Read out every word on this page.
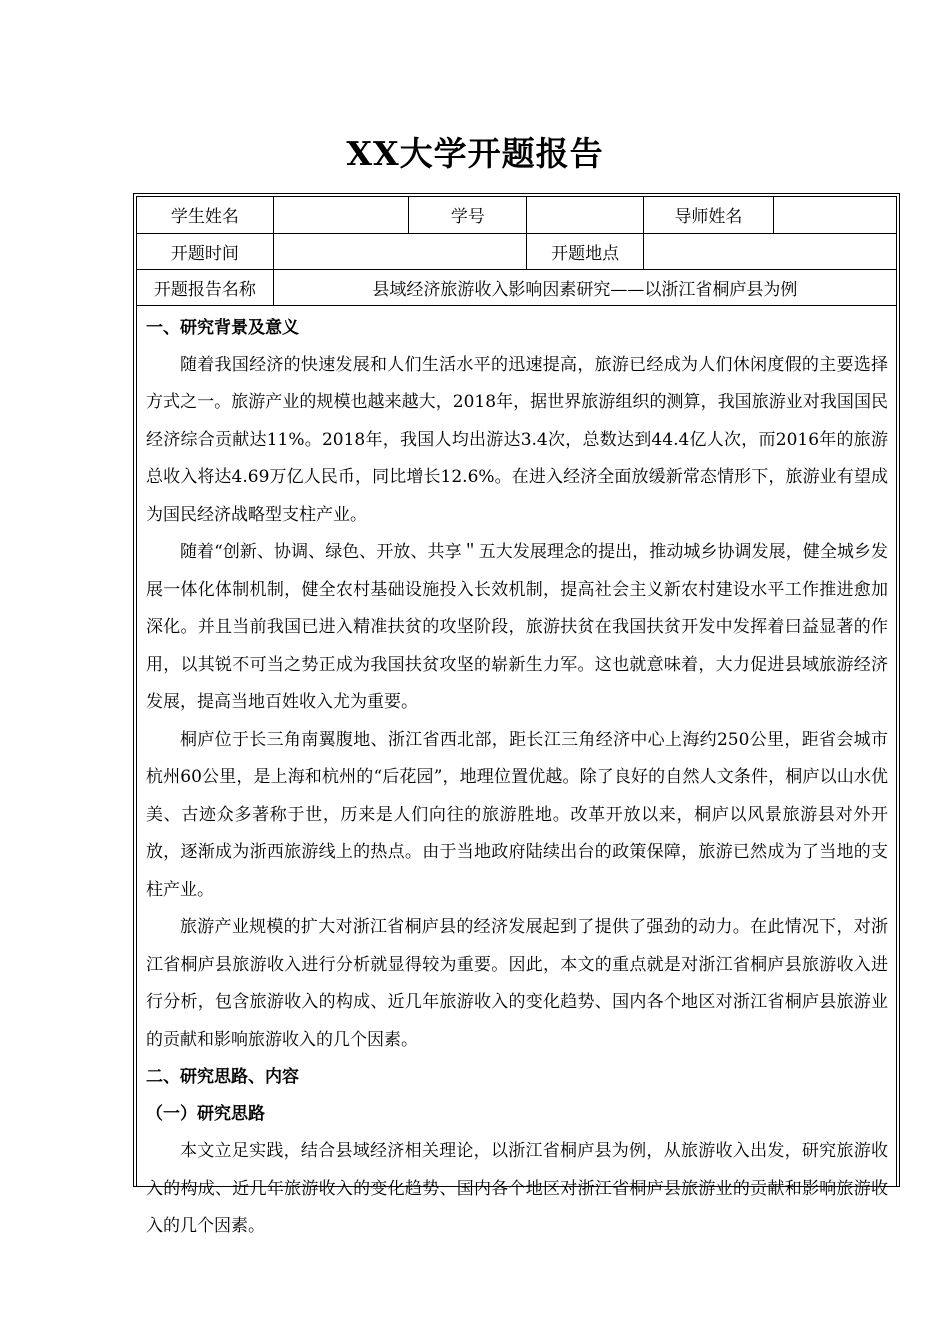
XX大学开题报告
学生姓名		学号		导师姓名	
开题时间			开题地点		
开题报告名称	县域经济旅游收入影响因素研究——以浙江省桐庐县为例				
一、研究背景及意义

随着我国经济的快速发展和人们生活水平的迅速提高，旅游已经成为人们休闲度假的主要选择方式之一。旅游产业的规模也越来越大，2018年，据世界旅游组织的测算，我国旅游业对我国国民经济综合贡献达11%。2018年，我国人均出游达3.4次，总数达到44.4亿人次，而2016年的旅游总收入将达4.69万亿人民币，同比增长12.6%。在进入经济全面放缓新常态情形下，旅游业有望成为国民经济战略型支柱产业。

随着“创新、协调、绿色、开放、共享＂五大发展理念的提出，推动城乡协调发展，健全城乡发展一体化体制机制，健全农村基础设施投入长效机制，提高社会主义新农村建设水平工作推进愈加深化。并且当前我国已进入精准扶贫的攻坚阶段，旅游扶贫在我国扶贫开发中发挥着曰益显著的作用，以其锐不可当之势正成为我国扶贫攻坚的崭新生力军。这也就意味着，大力促进县域旅游经济发展，提高当地百姓收入尤为重要。

桐庐位于长三角南翼腹地、浙江省西北部，距长江三角经济中心上海约250公里，距省会城市杭州60公里，是上海和杭州的“后花园”，地理位置优越。除了良好的自然人文条件，桐庐以山水优美、古迹众多著称于世，历来是人们向往的旅游胜地。改革开放以来，桐庐以风景旅游县对外开放，逐渐成为浙西旅游线上的热点。由于当地政府陆续出台的政策保障，旅游已然成为了当地的支柱产业。

旅游产业规模的扩大对浙江省桐庐县的经济发展起到了提供了强劲的动力。在此情况下，对浙江省桐庐县旅游收入进行分析就显得较为重要。因此，本文的重点就是对浙江省桐庐县旅游收入进行分析，包含旅游收入的构成、近几年旅游收入的变化趋势、国内各个地区对浙江省桐庐县旅游业的贡献和影响旅游收入的几个因素。

二、研究思路、内容
（一）研究思路

本文立足实践，结合县域经济相关理论，以浙江省桐庐县为例，从旅游收入出发，研究旅游收入的构成、近几年旅游收入的变化趋势、国内各个地区对浙江省桐庐县旅游业的贡献和影响旅游收入的几个因素。
